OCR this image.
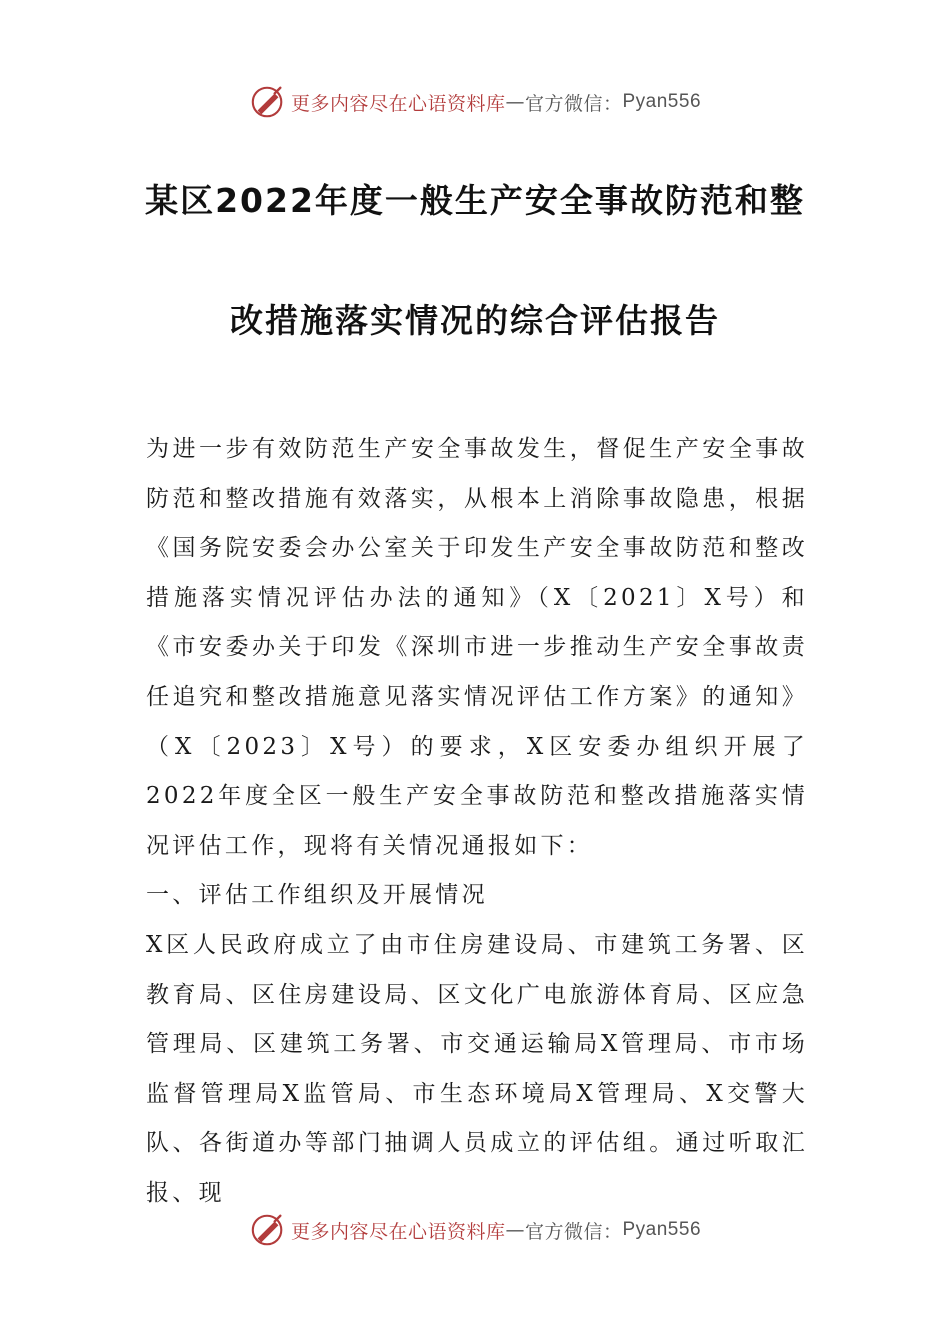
更多内容尽在心语资料库 — 官方微信： Pyan556
某区2022年度一般生产安全事故防范和整
改措施落实情况的综合评估报告

为进一步有效防范生产安全事故发生，督促生产安全事故防范和整改措施有效落实，从根本上消除事故隐患，根据《国务院安委会办公室关于印发生产安全事故防范和整改措施落实情况评估办法的通知》（X〔2021〕X号）和《市安委办关于印发《深圳市进一步推动生产安全事故责任追究和整改措施意见落实情况评估工作方案》的通知》（X〔2023〕X号）的要求，X区安委办组织开展了2022年度全区一般生产安全事故防范和整改措施落实情况评估工作，现将有关情况通报如下：

一、评估工作组织及开展情况

X区人民政府成立了由市住房建设局、市建筑工务署、区教育局、区住房建设局、区文化广电旅游体育局、区应急管理局、区建筑工务署、市交通运输局X管理局、市市场监督管理局X监管局、市生态环境局X管理局、X交警大队、各街道办等部门抽调人员成立的评估组。通过听取汇报、现

更多内容尽在心语资料库 — 官方微信： Pyan556
